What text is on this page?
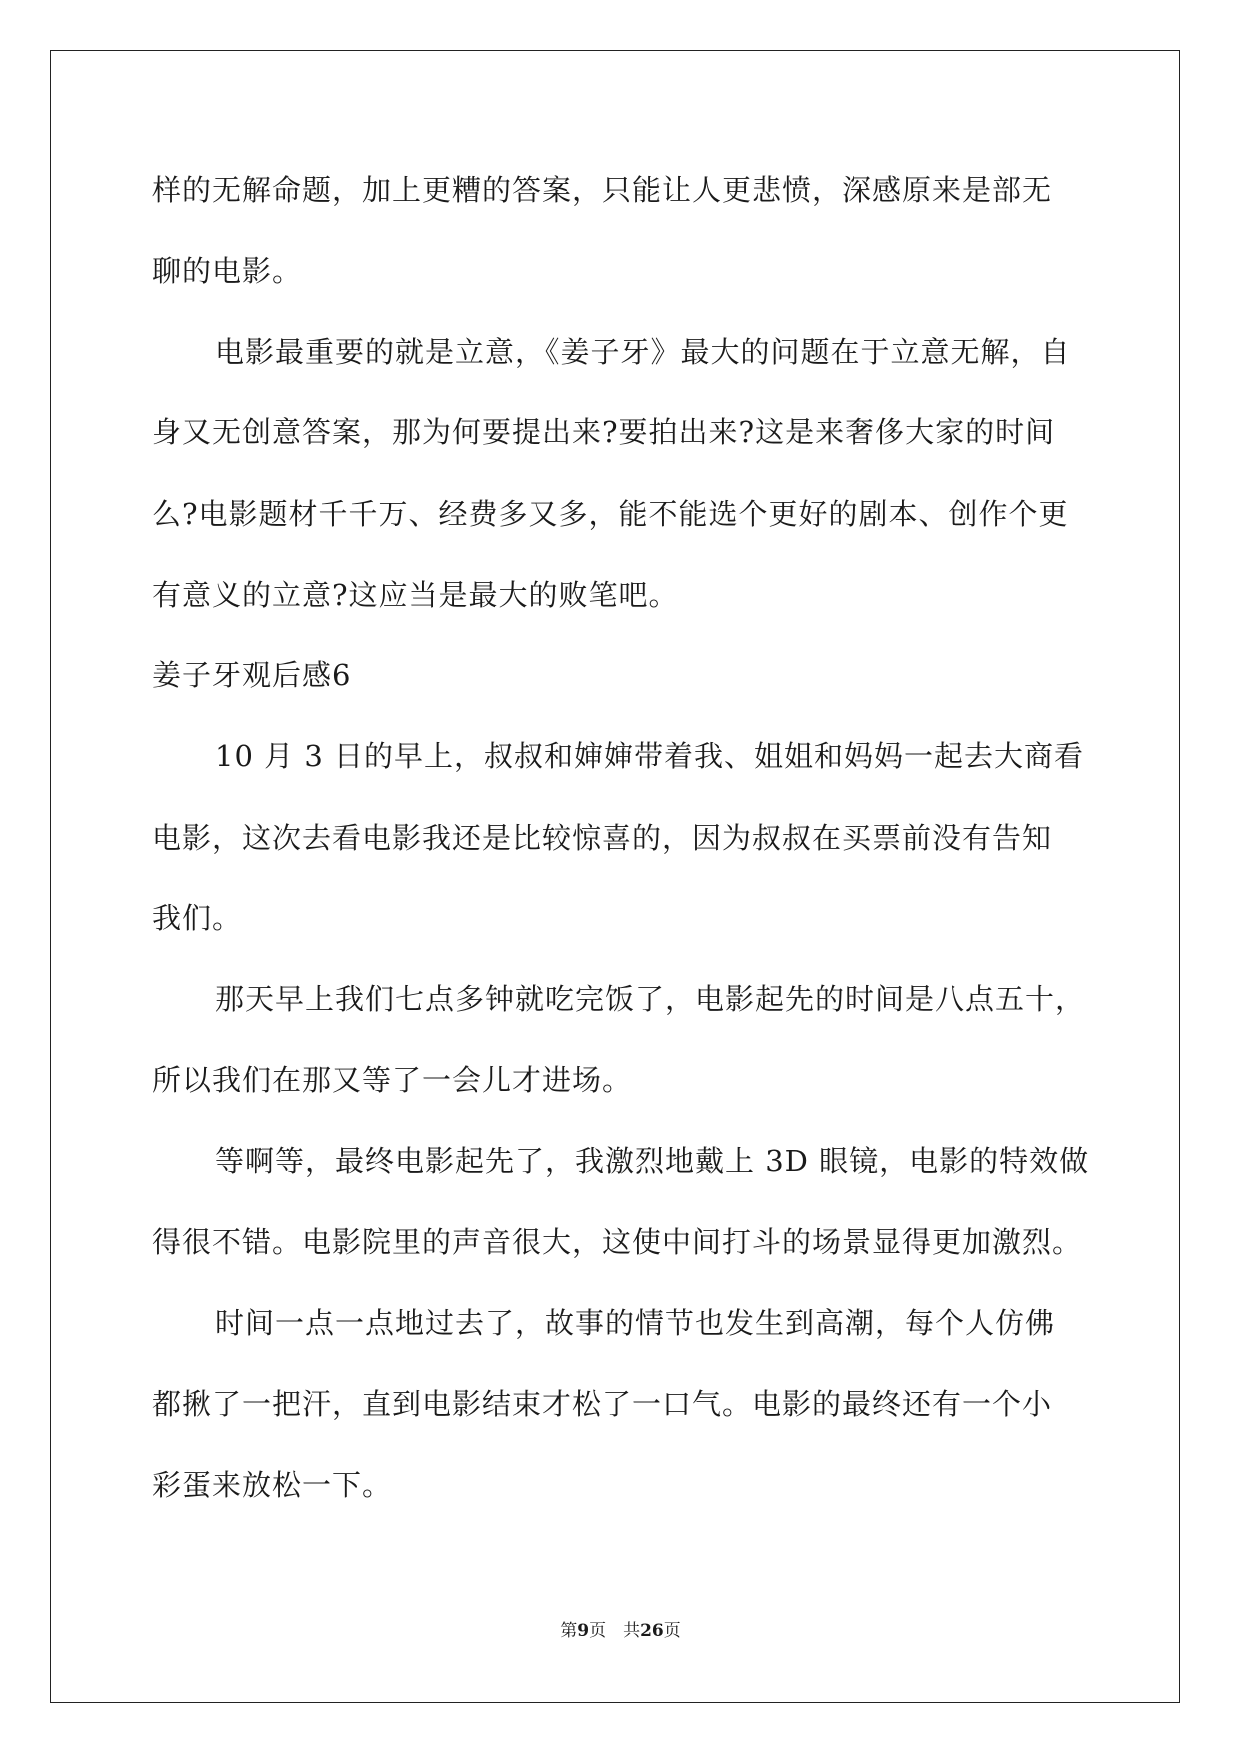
样的无解命题，加上更糟的答案，只能让人更悲愤，深感原来是部无
聊的电影。
电影最重要的就是立意，《姜子牙》最大的问题在于立意无解，自
身又无创意答案，那为何要提出来?要拍出来?这是来奢侈大家的时间
么?电影题材千千万、经费多又多，能不能选个更好的剧本、创作个更
有意义的立意?这应当是最大的败笔吧。
姜子牙观后感6
10 月 3 日的早上，叔叔和婶婶带着我、姐姐和妈妈一起去大商看
电影，这次去看电影我还是比较惊喜的，因为叔叔在买票前没有告知
我们。
那天早上我们七点多钟就吃完饭了，电影起先的时间是八点五十，
所以我们在那又等了一会儿才进场。
等啊等，最终电影起先了，我激烈地戴上 3D 眼镜，电影的特效做
得很不错。电影院里的声音很大，这使中间打斗的场景显得更加激烈。
时间一点一点地过去了，故事的情节也发生到高潮，每个人仿佛
都揪了一把汗，直到电影结束才松了一口气。电影的最终还有一个小
彩蛋来放松一下。
第9页　共26页
